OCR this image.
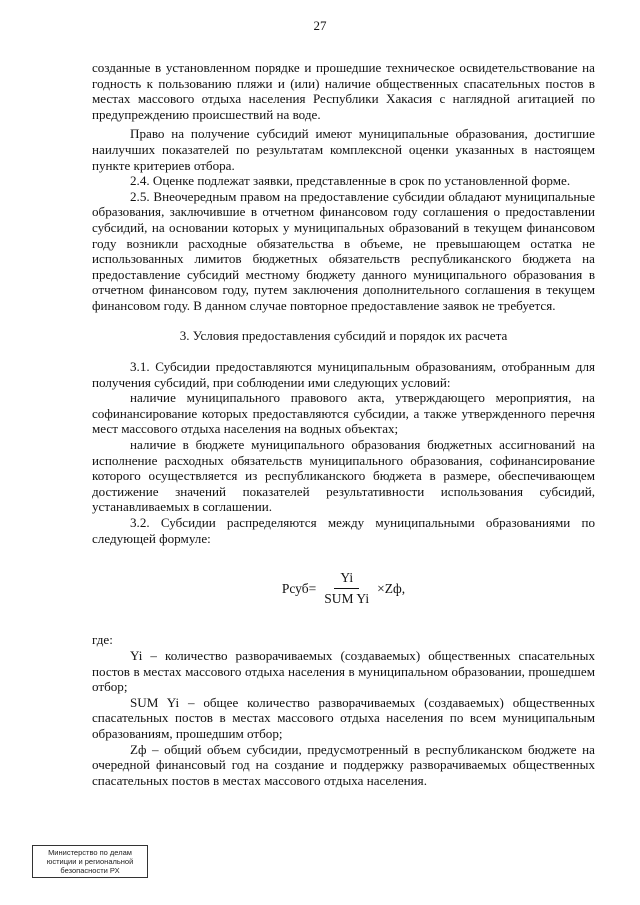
27

созданные в установленном порядке и прошедшие техническое освидетельствование на годность к пользованию пляжи и (или) наличие общественных спасательных постов в местах массового отдыха населения Республики Хакасия с наглядной агитацией по предупреждению происшествий на воде.

Право на получение субсидий имеют муниципальные образования, достигшие наилучших показателей по результатам комплексной оценки указанных в настоящем пункте критериев отбора.

2.4. Оценке подлежат заявки, представленные в срок по установленной форме.

2.5. Внеочередным правом на предоставление субсидии обладают муниципальные образования, заключившие в отчетном финансовом году соглашения о предоставлении субсидий, на основании которых у муниципальных образований в текущем финансовом году возникли расходные обязательства в объеме, не превышающем остатка не использованных лимитов бюджетных обязательств республиканского бюджета на предоставление субсидий местному бюджету данного муниципального образования в отчетном финансовом году, путем заключения дополнительного соглашения в текущем финансовом году. В данном случае повторное предоставление заявок не требуется.

3. Условия предоставления субсидий и порядок их расчета

3.1. Субсидии предоставляются муниципальным образованиям, отобранным для получения субсидий, при соблюдении ими следующих условий:

наличие муниципального правового акта, утверждающего мероприятия, на софинансирование которых предоставляются субсидии, а также утвержденного перечня мест массового отдыха населения на водных объектах;

наличие в бюджете муниципального образования бюджетных ассигнований на исполнение расходных обязательств муниципального образования, софинансирование которого осуществляется из республиканского бюджета в размере, обеспечивающем достижение значений показателей результативности использования субсидий, устанавливаемых в соглашении.

3.2. Субсидии распределяются между муниципальными образованиями по следующей формуле:

Рсуб= $\frac{Yi}{\text{SUM Yi}} \times Zф$,

где:

Yi – количество разворачиваемых (создаваемых) общественных спасательных постов в местах массового отдыха населения в муниципальном образовании, прошедшем отбор;

SUM Yi – общее количество разворачиваемых (создаваемых) общественных спасательных постов в местах массового отдыха населения по всем муниципальным образованиям, прошедшим отбор;

Zф – общий объем субсидии, предусмотренный в республиканском бюджете на очередной финансовый год на создание и поддержку разворачиваемых общественных спасательных постов в местах массового отдыха населения.

Министерство по делам
юстиции и региональной
безопасности РХ
